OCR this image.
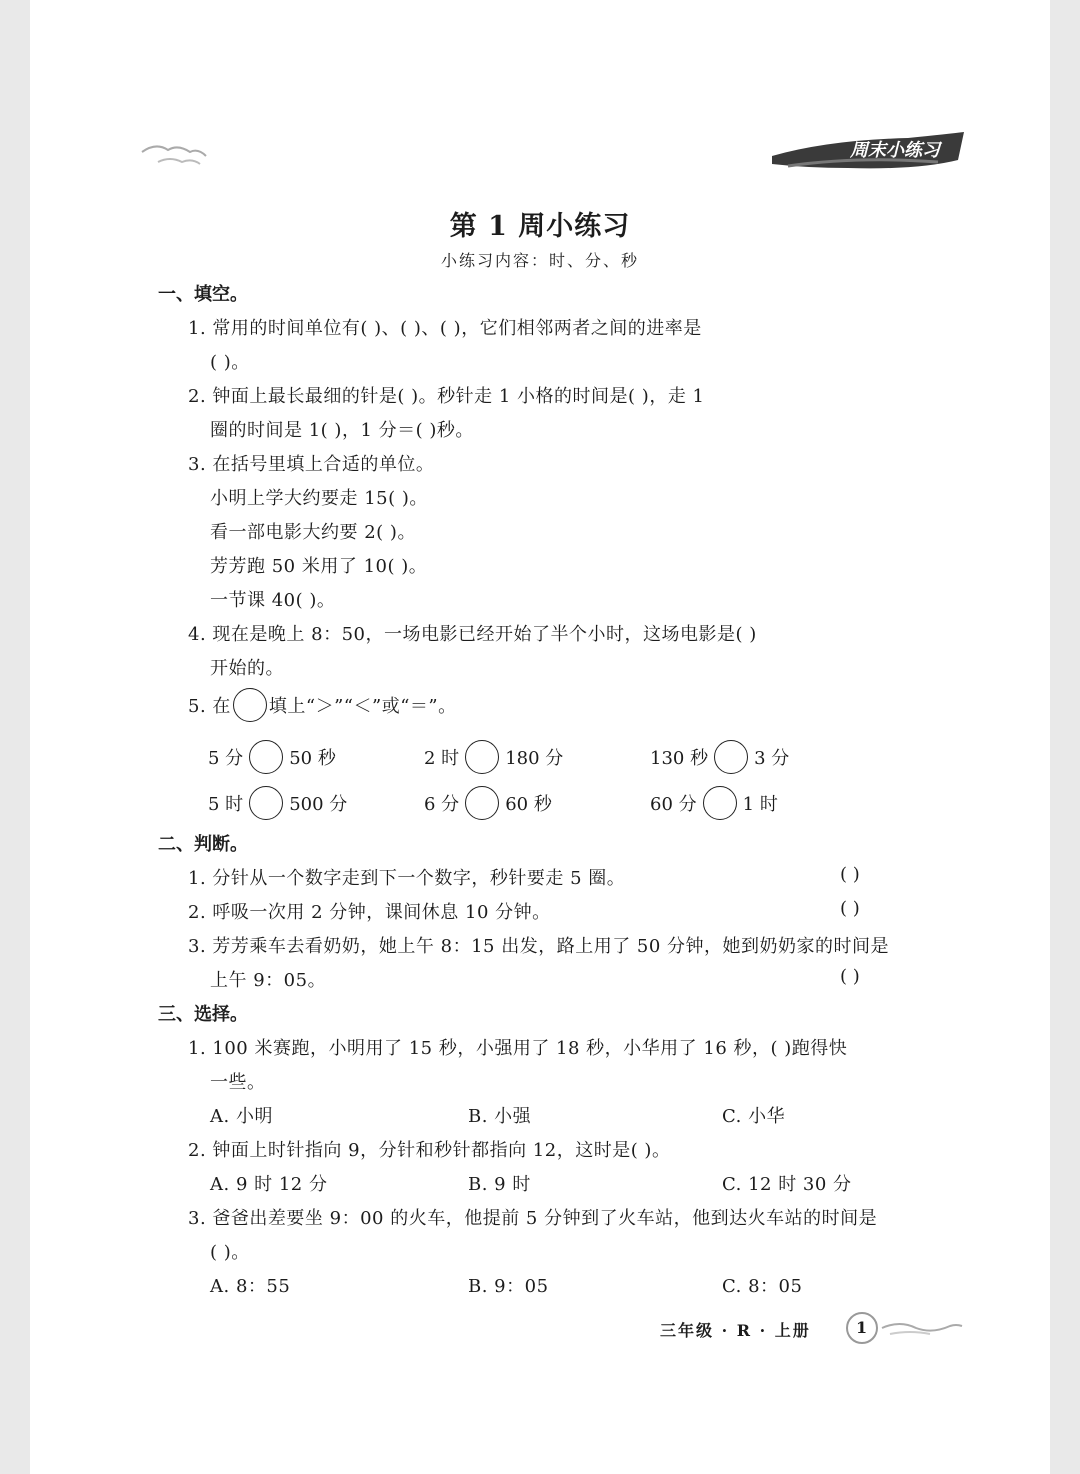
周末小练习
第 1 周小练习
小练习内容：时、分、秒
一、填空。
1. 常用的时间单位有( )、( )、( )，它们相邻两者之间的进率是
( )。
2. 钟面上最长最细的针是( )。秒针走 1 小格的时间是( )，走 1
圈的时间是 1( )，1 分＝( )秒。
3. 在括号里填上合适的单位。
小明上学大约要走 15( )。
看一部电影大约要 2( )。
芳芳跑 50 米用了 10( )。
一节课 40( )。
4. 现在是晚上 8：50，一场电影已经开始了半个小时，这场电影是( )
开始的。
5. 在 填上“＞”“＜”或“＝”。
5 分	50 秒	2 时	180 分	130 秒	3 分
5 时	500 分	6 分	60 秒	60 分	1 时
二、判断。
1. 分针从一个数字走到下一个数字，秒针要走 5 圈。	( )
2. 呼吸一次用 2 分钟，课间休息 10 分钟。	( )
3. 芳芳乘车去看奶奶，她上午 8：15 出发，路上用了 50 分钟，她到奶奶家的时间是
上午 9：05。	( )
三、选择。
1. 100 米赛跑，小明用了 15 秒，小强用了 18 秒，小华用了 16 秒，( )跑得快
一些。
A. 小明	B. 小强	C. 小华
2. 钟面上时针指向 9，分针和秒针都指向 12，这时是( )。
A. 9 时 12 分	B. 9 时	C. 12 时 30 分
3. 爸爸出差要坐 9：00 的火车，他提前 5 分钟到了火车站，他到达火车站的时间是
( )。
A. 8：55	B. 9：05	C. 8：05
三年级 · R · 上册	1
